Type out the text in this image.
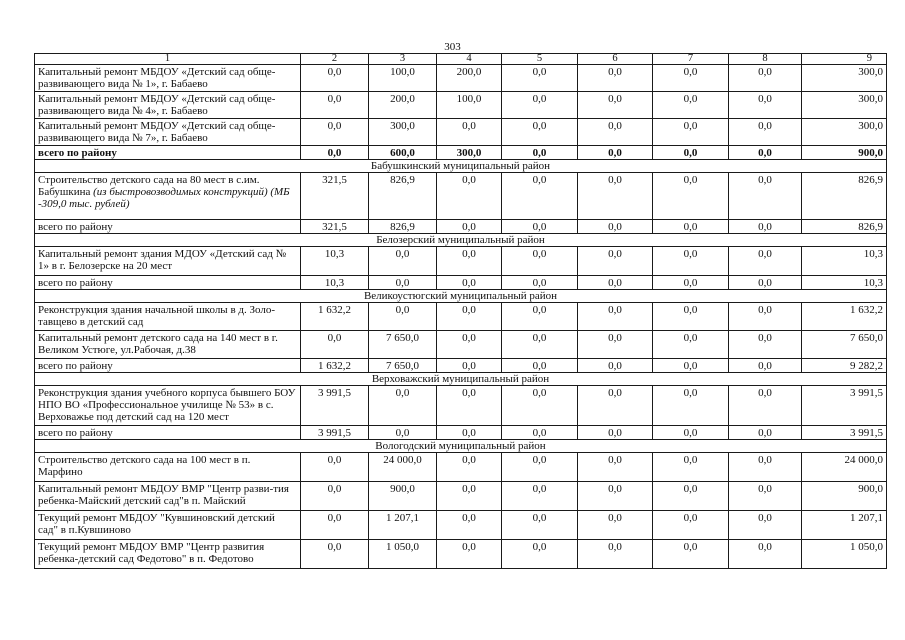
303
1	2	3	4	5	6	7	8	9
Капитальный ремонт МБДОУ «Детский сад обще-развивающего вида № 1», г. Бабаево	0,0	100,0	200,0	0,0	0,0	0,0	0,0	300,0
Капитальный ремонт МБДОУ «Детский сад обще-развивающего вида № 4», г. Бабаево	0,0	200,0	100,0	0,0	0,0	0,0	0,0	300,0
Капитальный ремонт МБДОУ «Детский сад обще-развивающего вида № 7», г. Бабаево	0,0	300,0	0,0	0,0	0,0	0,0	0,0	300,0
всего по району	0,0	600,0	300,0	0,0	0,0	0,0	0,0	900,0
Бабушкинский муниципальный район								
Строительство детского сада на 80 мест в с.им. Бабушкина (из быстровозводимых конструкций) (МБ -309,0 тыс. рублей)	321,5	826,9	0,0	0,0	0,0	0,0	0,0	826,9
всего по району	321,5	826,9	0,0	0,0	0,0	0,0	0,0	826,9
Белозерский муниципальный район								
Капитальный ремонт здания МДОУ «Детский сад № 1» в г. Белозерске на 20 мест	10,3	0,0	0,0	0,0	0,0	0,0	0,0	10,3
всего по району	10,3	0,0	0,0	0,0	0,0	0,0	0,0	10,3
Великоустюгский муниципальный район								
Реконструкция здания начальной школы в д. Золо-тавщево в детский сад	1 632,2	0,0	0,0	0,0	0,0	0,0	0,0	1 632,2
Капитальный ремонт детского сада на 140 мест в г. Великом Устюге, ул.Рабочая, д.38	0,0	7 650,0	0,0	0,0	0,0	0,0	0,0	7 650,0
всего по району	1 632,2	7 650,0	0,0	0,0	0,0	0,0	0,0	9 282,2
Верховажский муниципальный район								
Реконструкция здания учебного корпуса бывшего БОУ НПО ВО «Профессиональное училище № 53» в с. Верховажье под детский сад на 120 мест	3 991,5	0,0	0,0	0,0	0,0	0,0	0,0	3 991,5
всего по району	3 991,5	0,0	0,0	0,0	0,0	0,0	0,0	3 991,5
Вологодский муниципальный район								
Строительство детского сада на 100 мест в п. Марфино	0,0	24 000,0	0,0	0,0	0,0	0,0	0,0	24 000,0
Капитальный ремонт МБДОУ ВМР "Центр разви-тия ребенка-Майский детский сад"в п. Майский	0,0	900,0	0,0	0,0	0,0	0,0	0,0	900,0
Текущий ремонт МБДОУ "Кувшиновский детский сад" в п.Кувшиново	0,0	1 207,1	0,0	0,0	0,0	0,0	0,0	1 207,1
Текущий ремонт МБДОУ ВМР "Центр развития ребенка-детский сад Федотово" в п. Федотово	0,0	1 050,0	0,0	0,0	0,0	0,0	0,0	1 050,0
